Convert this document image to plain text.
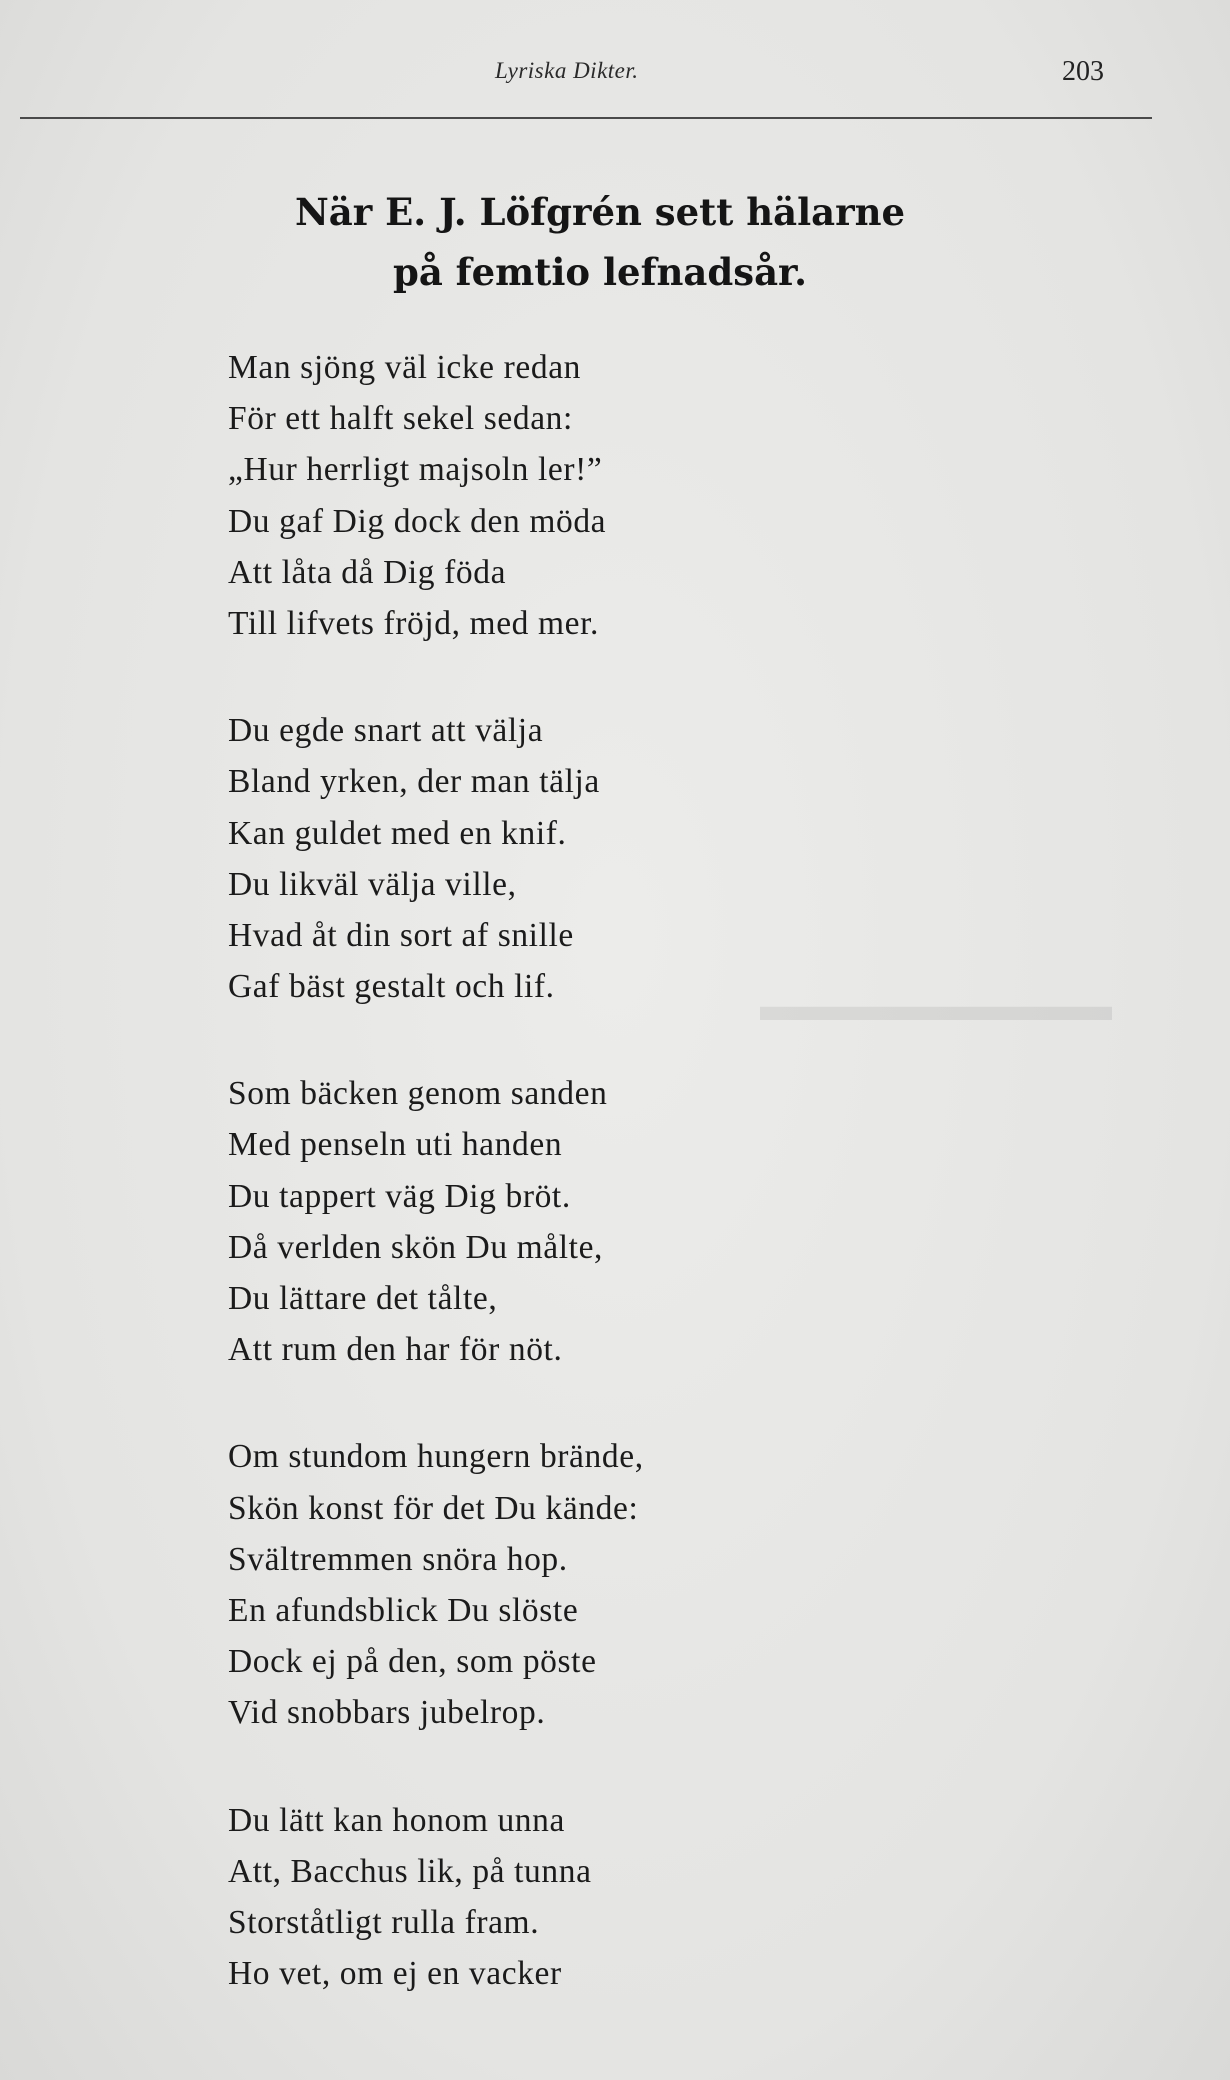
▬▬▬▬▬▬▬▬
Lyriska Dikter.	203
När E. J. Löfgrén sett hälarne
på femtio lefnadsår.
Man sjöng väl icke redan
För ett halft sekel sedan:
„Hur herrligt majsoln ler!”
Du gaf Dig dock den möda
Att låta då Dig föda
Till lifvets fröjd, med mer.
Du egde snart att välja
Bland yrken, der man tälja
Kan guldet med en knif.
Du likväl välja ville,
Hvad åt din sort af snille
Gaf bäst gestalt och lif.
Som bäcken genom sanden
Med penseln uti handen
Du tappert väg Dig bröt.
Då verlden skön Du målte,
Du lättare det tålte,
Att rum den har för nöt.
Om stundom hungern brände,
Skön konst för det Du kände:
Svältremmen snöra hop.
En afundsblick Du slöste
Dock ej på den, som pöste
Vid snobbars jubelrop.
Du lätt kan honom unna
Att, Bacchus lik, på tunna
Storståtligt rulla fram.
Ho vet, om ej en vacker
